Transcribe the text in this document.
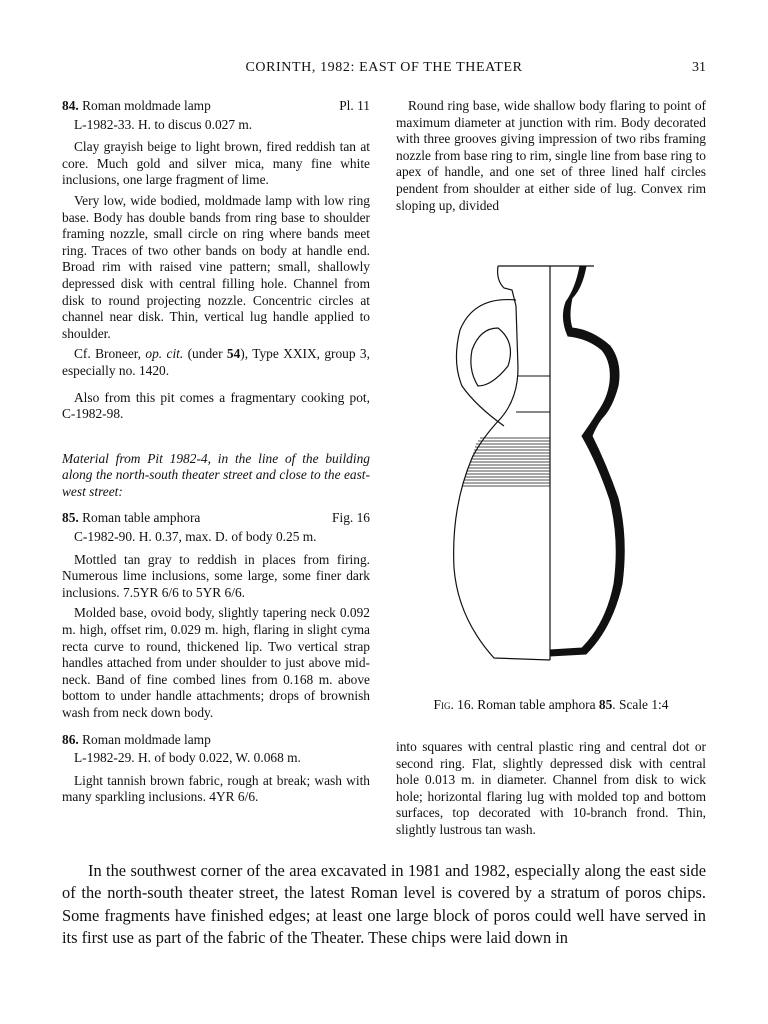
CORINTH, 1982: EAST OF THE THEATER	31
84. Roman moldmade lamp	Pl. 11
L-1982-33. H. to discus 0.027 m.

Clay grayish beige to light brown, fired reddish tan at core. Much gold and silver mica, many fine white inclusions, one large fragment of lime.

Very low, wide bodied, moldmade lamp with low ring base. Body has double bands from ring base to shoulder framing nozzle, small circle on ring where bands meet ring. Traces of two other bands on body at handle end. Broad rim with raised vine pattern; small, shallowly depressed disk with central filling hole. Channel from disk to round projecting nozzle. Concentric circles at channel near disk. Thin, vertical lug handle applied to shoulder.

Cf. Broneer, op. cit. (under 54), Type XXIX, group 3, especially no. 1420.

Also from this pit comes a fragmentary cooking pot, C-1982-98.

Material from Pit 1982-4, in the line of the building along the north-south theater street and close to the east-west street:

85. Roman table amphora	Fig. 16
C-1982-90. H. 0.37, max. D. of body 0.25 m.

Mottled tan gray to reddish in places from firing. Numerous lime inclusions, some large, some finer dark inclusions. 7.5YR 6/6 to 5YR 6/6.

Molded base, ovoid body, slightly tapering neck 0.092 m. high, offset rim, 0.029 m. high, flaring in slight cyma recta curve to round, thickened lip. Two vertical strap handles attached from under shoulder to just above mid-neck. Band of fine combed lines from 0.168 m. above bottom to under handle attachments; drops of brownish wash from neck down body.

86. Roman moldmade lamp
L-1982-29. H. of body 0.022, W. 0.068 m.

Light tannish brown fabric, rough at break; wash with many sparkling inclusions. 4YR 6/6.

Round ring base, wide shallow body flaring to point of maximum diameter at junction with rim. Body decorated with three grooves giving impression of two ribs framing nozzle from base ring to rim, single line from base ring to apex of handle, and one set of three lined half circles pendent from shoulder at either side of lug. Convex rim sloping up, divided

Fig. 16. Roman table amphora 85. Scale 1:4

into squares with central plastic ring and central dot or second ring. Flat, slightly depressed disk with central hole 0.013 m. in diameter. Channel from disk to wick hole; horizontal flaring lug with molded top and bottom surfaces, top decorated with 10-branch frond. Thin, slightly lustrous tan wash.

In the southwest corner of the area excavated in 1981 and 1982, especially along the east side of the north-south theater street, the latest Roman level is covered by a stratum of poros chips. Some fragments have finished edges; at least one large block of poros could well have served in its first use as part of the fabric of the Theater. These chips were laid down in
